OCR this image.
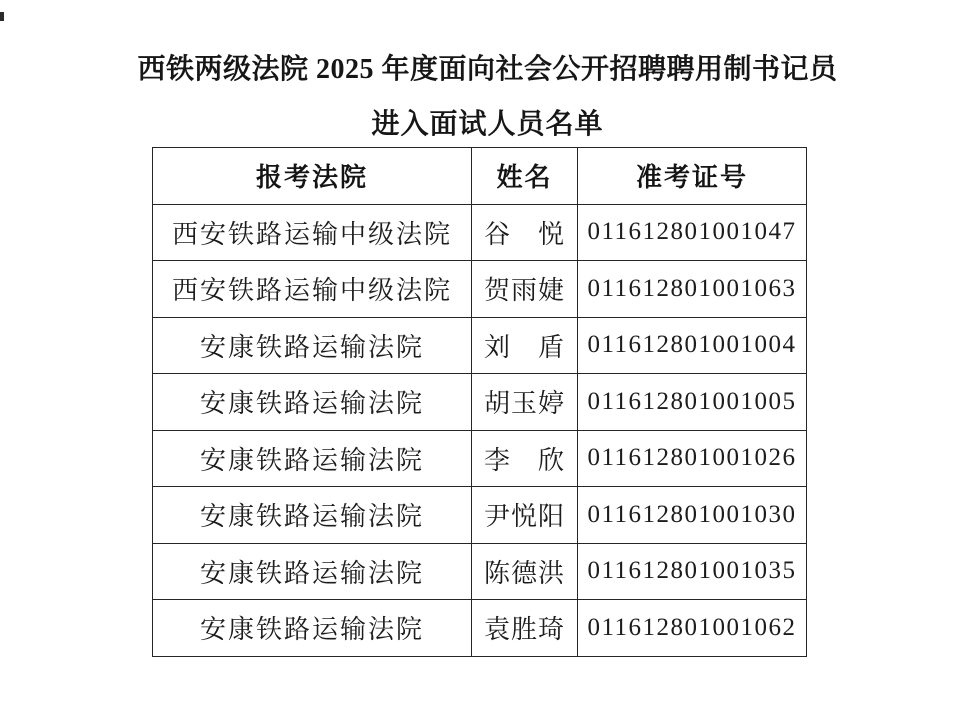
西铁两级法院 2025 年度面向社会公开招聘聘用制书记员
进入面试人员名单
报考法院	姓名	准考证号
西安铁路运输中级法院	谷　悦	011612801001047
西安铁路运输中级法院	贺雨婕	011612801001063
安康铁路运输法院	刘　盾	011612801001004
安康铁路运输法院	胡玉婷	011612801001005
安康铁路运输法院	李　欣	011612801001026
安康铁路运输法院	尹悦阳	011612801001030
安康铁路运输法院	陈德洪	011612801001035
安康铁路运输法院	袁胜琦	011612801001062
